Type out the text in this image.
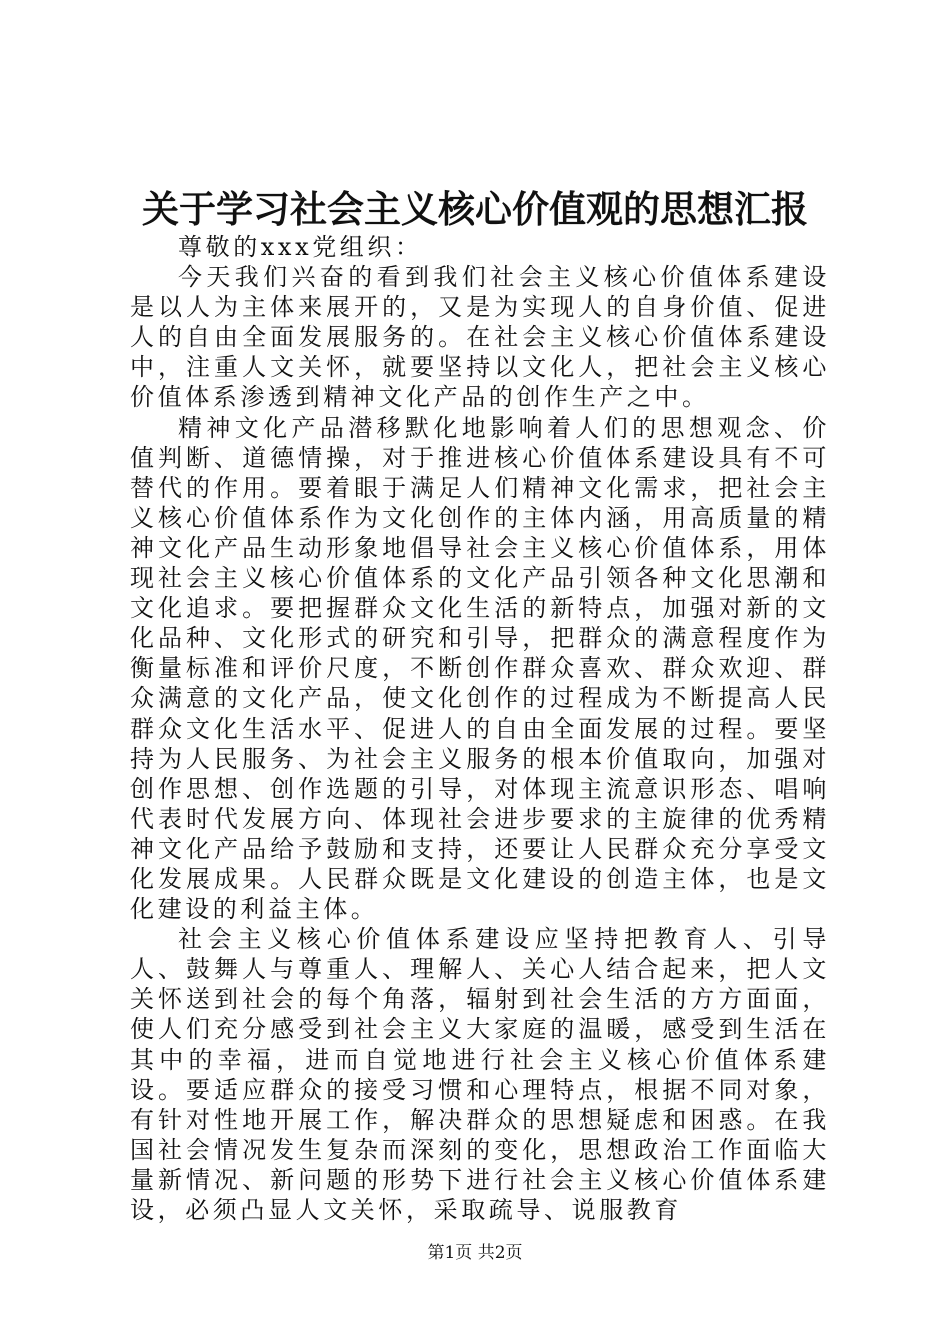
关于学习社会主义核心价值观的思想汇报

尊敬的xxx党组织：

今天我们兴奋的看到我们社会主义核心价值体系建设是以人为主体来展开的，又是为实现人的自身价值、促进人的自由全面发展服务的。在社会主义核心价值体系建设中，注重人文关怀，就要坚持以文化人，把社会主义核心价值体系渗透到精神文化产品的创作生产之中。

精神文化产品潜移默化地影响着人们的思想观念、价值判断、道德情操，对于推进核心价值体系建设具有不可替代的作用。要着眼于满足人们精神文化需求，把社会主义核心价值体系作为文化创作的主体内涵，用高质量的精神文化产品生动形象地倡导社会主义核心价值体系，用体现社会主义核心价值体系的文化产品引领各种文化思潮和文化追求。要把握群众文化生活的新特点，加强对新的文化品种、文化形式的研究和引导，把群众的满意程度作为衡量标准和评价尺度，不断创作群众喜欢、群众欢迎、群众满意的文化产品，使文化创作的过程成为不断提高人民群众文化生活水平、促进人的自由全面发展的过程。要坚持为人民服务、为社会主义服务的根本价值取向，加强对创作思想、创作选题的引导，对体现主流意识形态、唱响代表时代发展方向、体现社会进步要求的主旋律的优秀精神文化产品给予鼓励和支持，还要让人民群众充分享受文化发展成果。人民群众既是文化建设的创造主体，也是文化建设的利益主体。

社会主义核心价值体系建设应坚持把教育人、引导人、鼓舞人与尊重人、理解人、关心人结合起来，把人文关怀送到社会的每个角落，辐射到社会生活的方方面面，使人们充分感受到社会主义大家庭的温暖，感受到生活在其中的幸福，进而自觉地进行社会主义核心价值体系建设。要适应群众的接受习惯和心理特点，根据不同对象，有针对性地开展工作，解决群众的思想疑虑和困惑。在我国社会情况发生复杂而深刻的变化，思想政治工作面临大量新情况、新问题的形势下进行社会主义核心价值体系建设，必须凸显人文关怀，采取疏导、说服教育

第1页 共2页
